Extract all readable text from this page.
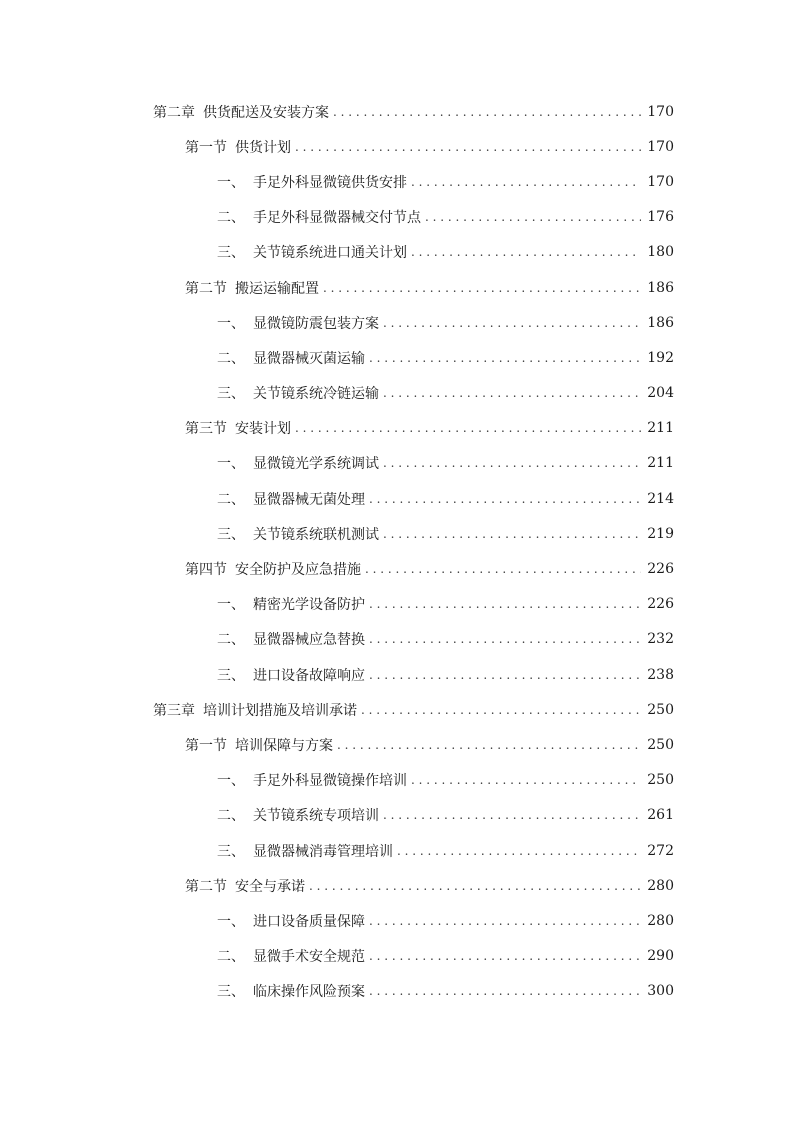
第二章 供货配送及安装方案 . . .	170
第一节 供货计划 . . .	170
一、 手足外科显微镜供货安排 . . .	170
二、 手足外科显微器械交付节点 . . .	176
三、 关节镜系统进口通关计划 . . .	180
第二节 搬运运输配置 . . .	186
一、 显微镜防震包装方案 . . .	186
二、 显微器械灭菌运输 . . .	192
三、 关节镜系统冷链运输 . . .	204
第三节 安装计划 . . .	211
一、 显微镜光学系统调试 . . .	211
二、 显微器械无菌处理 . . .	214
三、 关节镜系统联机测试 . . .	219
第四节 安全防护及应急措施 . . .	226
一、 精密光学设备防护 . . .	226
二、 显微器械应急替换 . . .	232
三、 进口设备故障响应 . . .	238
第三章 培训计划措施及培训承诺 . . .	250
第一节 培训保障与方案 . . .	250
一、 手足外科显微镜操作培训 . . .	250
二、 关节镜系统专项培训 . . .	261
三、 显微器械消毒管理培训 . . .	272
第二节 安全与承诺 . . .	280
一、 进口设备质量保障 . . .	280
二、 显微手术安全规范 . . .	290
三、 临床操作风险预案 . . .	300
